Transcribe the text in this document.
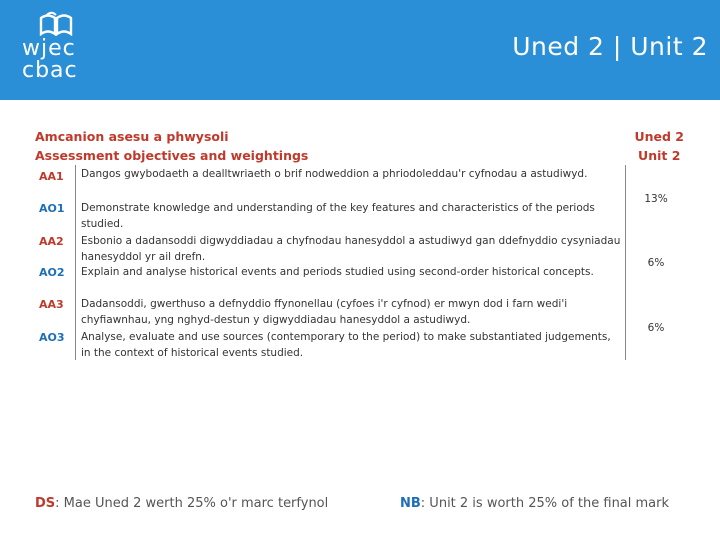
wjec
cbac
Uned 2 | Unit 2
Amcanion asesu a phwysoli
Assessment objectives and weightings
Uned 2
Unit 2
AA1
AO1
AA2
AO2
AA3
AO3
Dangos gwybodaeth a dealltwriaeth o brif nodweddion a phriodoleddau'r cyfnodau a astudiwyd.
Demonstrate knowledge and understanding of the key features and characteristics of the periods studied.
Esbonio a dadansoddi digwyddiadau a chyfnodau hanesyddol a astudiwyd gan ddefnyddio cysyniadau hanesyddol yr ail drefn.
Explain and analyse historical events and periods studied using second-order historical concepts.
Dadansoddi, gwerthuso a defnyddio ffynonellau (cyfoes i'r cyfnod) er mwyn dod i farn wedi'i chyfiawnhau, yng nghyd-destun y digwyddiadau hanesyddol a astudiwyd.
Analyse, evaluate and use sources (contemporary to the period) to make substantiated judgements, in the context of historical events studied.
13%
6%
6%
DS: Mae Uned 2 werth 25% o'r marc terfynol	NB: Unit 2 is worth 25% of the final mark
